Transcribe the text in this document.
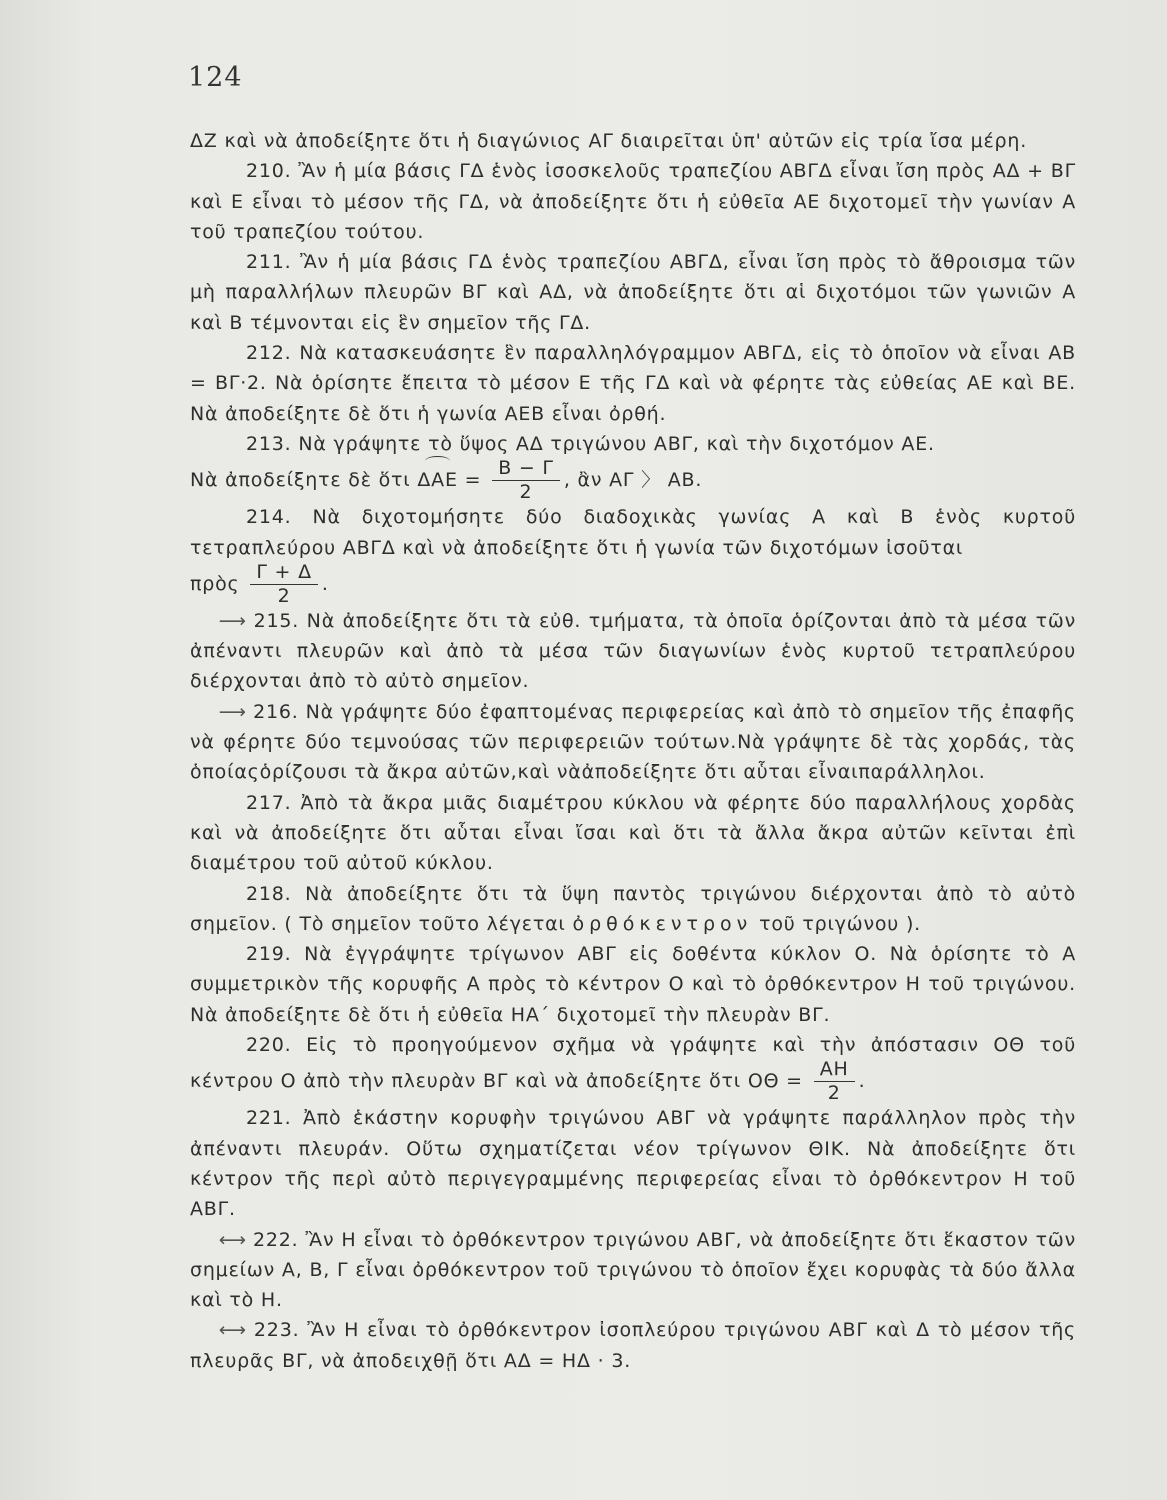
124

ΔΖ καὶ νὰ ἀποδείξητε ὅτι ἡ διαγώνιος ΑΓ διαιρεῖται ὑπ' αὐτῶν εἰς τρία ἴσα μέρη.

210. Ἂν ἡ μία βάσις ΓΔ ἑνὸς ἰσοσκελοῦς τραπεζίου ΑΒΓΔ εἶναι ἴση πρὸς ΑΔ + ΒΓ καὶ Ε εἶναι τὸ μέσον τῆς ΓΔ, νὰ ἀποδείξητε ὅτι ἡ εὐθεῖα ΑΕ διχοτομεῖ τὴν γωνίαν Α τοῦ τραπεζίου τούτου.

211. Ἂν ἡ μία βάσις ΓΔ ἑνὸς τραπεζίου ΑΒΓΔ, εἶναι ἴση πρὸς τὸ ἄθροισμα τῶν μὴ παραλλήλων πλευρῶν ΒΓ καὶ ΑΔ, νὰ ἀποδείξητε ὅτι αἱ διχοτόμοι τῶν γωνιῶν Α καὶ Β τέμνονται εἰς ἓν σημεῖον τῆς ΓΔ.

212. Νὰ κατασκευάσητε ἓν παραλληλόγραμμον ΑΒΓΔ, εἰς τὸ ὁποῖον νὰ εἶναι ΑΒ = ΒΓ·2. Νὰ ὁρίσητε ἔπειτα τὸ μέσον Ε τῆς ΓΔ καὶ νὰ φέρητε τὰς εὐθείας ΑΕ καὶ ΒΕ. Νὰ ἀποδείξητε δὲ ὅτι ἡ γωνία ΑΕΒ εἶναι ὀρθή.

213. Νὰ γράψητε τὸ ὕψος ΑΔ τριγώνου ΑΒΓ, καὶ τὴν διχοτόμον ΑΕ.
Νὰ ἀποδείξητε δὲ ὅτι $\Delta AE = \frac{B - \Gamma}{2}$ , ἂν ΑΓ 〉 ΑΒ.

214. Νὰ διχοτομήσητε δύο διαδοχικὰς γωνίας Α καὶ Β ἑνὸς κυρτοῦ τετραπλεύρου ΑΒΓΔ καὶ νὰ ἀποδείξητε ὅτι ἡ γωνία τῶν διχοτόμων ἰσοῦται
πρὸς $\frac{\Gamma + \Delta}{2}$ .

⟶ 215. Νὰ ἀποδείξητε ὅτι τὰ εὐθ. τμήματα, τὰ ὁποῖα ὁρίζονται ἀπὸ τὰ μέσα τῶν ἀπέναντι πλευρῶν καὶ ἀπὸ τὰ μέσα τῶν διαγωνίων ἑνὸς κυρτοῦ τετραπλεύρου διέρχονται ἀπὸ τὸ αὐτὸ σημεῖον.

⟶ 216. Νὰ γράψητε δύο ἐφαπτομένας περιφερείας καὶ ἀπὸ τὸ σημεῖον τῆς ἐπαφῆς νὰ φέρητε δύο τεμνούσας τῶν περιφερειῶν τούτων.Νὰ γράψητε δὲ τὰς χορδάς, τὰς ὁποίαςὁρίζουσι τὰ ἄκρα αὐτῶν,καὶ νὰἀποδείξητε ὅτι αὗται εἶναιπαράλληλοι.

217. Ἀπὸ τὰ ἄκρα μιᾶς διαμέτρου κύκλου νὰ φέρητε δύο παραλλήλους χορδὰς καὶ νὰ ἀποδείξητε ὅτι αὗται εἶναι ἴσαι καὶ ὅτι τὰ ἄλλα ἄκρα αὐτῶν κεῖνται ἐπὶ διαμέτρου τοῦ αὐτοῦ κύκλου.

218. Νὰ ἀποδείξητε ὅτι τὰ ὕψη παντὸς τριγώνου διέρχονται ἀπὸ τὸ αὐτὸ σημεῖον. ( Τὸ σημεῖον τοῦτο λέγεται ὀρθόκεντρον τοῦ τριγώνου ).

219. Νὰ ἐγγράψητε τρίγωνον ΑΒΓ εἰς δοθέντα κύκλον Ο. Νὰ ὁρίσητε τὸ Α συμμετρικὸν τῆς κορυφῆς Α πρὸς τὸ κέντρον Ο καὶ τὸ ὀρθόκεντρον Η τοῦ τριγώνου. Νὰ ἀποδείξητε δὲ ὅτι ἡ εὐθεῖα ΗΑ΄ διχοτομεῖ τὴν πλευρὰν ΒΓ.

220. Εἰς τὸ προηγούμενον σχῆμα νὰ γράψητε καὶ τὴν ἀπόστασιν ΟΘ τοῦ κέντρου Ο ἀπὸ τὴν πλευρὰν ΒΓ καὶ νὰ ἀποδείξητε ὅτι $O\Theta = \frac{AH}{2}$ .

221. Ἀπὸ ἑκάστην κορυφὴν τριγώνου ΑΒΓ νὰ γράψητε παράλληλον πρὸς τὴν ἀπέναντι πλευράν. Οὕτω σχηματίζεται νέον τρίγωνον ΘΙΚ. Νὰ ἀποδείξητε ὅτι κέντρον τῆς περὶ αὐτὸ περιγεγραμμένης περιφερείας εἶναι τὸ ὀρθόκεντρον Η τοῦ ΑΒΓ.

⟷ 222. Ἂν Η εἶναι τὸ ὀρθόκεντρον τριγώνου ΑΒΓ, νὰ ἀποδείξητε ὅτι ἕκαστον τῶν σημείων Α, Β, Γ εἶναι ὀρθόκεντρον τοῦ τριγώνου τὸ ὁποῖον ἔχει κορυφὰς τὰ δύο ἄλλα καὶ τὸ Η.

⟷ 223. Ἂν Η εἶναι τὸ ὀρθόκεντρον ἰσοπλεύρου τριγώνου ΑΒΓ καὶ Δ τὸ μέσον τῆς πλευρᾶς ΒΓ, νὰ ἀποδειχθῇ ὅτι ΑΔ = ΗΔ · 3.
